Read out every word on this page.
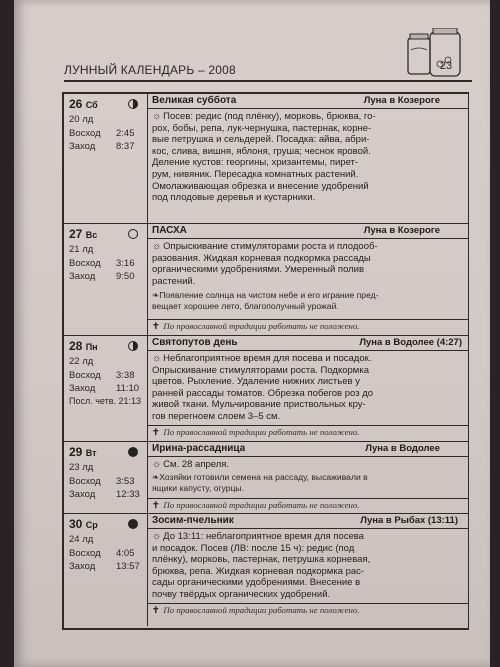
ЛУННЫЙ КАЛЕНДАРЬ – 2008	23
26 Сб
20 лд
Восход 2:45
Заход 8:37
Великая суббота	Луна в Козероге
☼ Посев: редис (под плёнку), морковь, брюква, го-
рох, бобы, репа, лук-чернушка, пастернак, корне-
вые петрушка и сельдерей. Посадка: айва, абри-
кос, слива, вишня, яблоня, груша; чеснок яровой.
Деление кустов: георгины, хризантемы, пирет-
рум, нивяник. Пересадка комнатных растений.
Омолаживающая обрезка и внесение удобрений
под плодовые деревья и кустарники.
27 Вс
21 лд
Восход 3:16
Заход 9:50
ПАСХА	Луна в Козероге
☼ Опрыскивание стимуляторами роста и плодооб-
разования. Жидкая корневая подкормка рассады
органическими удобрениями. Умеренный полив
растений.
❧Появление солнца на чистом небе и его играние пред-
вещает хорошее лето, благополучный урожай.
✝ По православной традиции работать не положено.
28 Пн
22 лд
Восход 3:38
Заход 11:10
Посл. четв. 21:13
Святопутов день	Луна в Водолее (4:27)
☼ Неблагоприятное время для посева и посадок.
Опрыскивание стимуляторами роста. Подкормка
цветов. Рыхление. Удаление нижних листьев у
ранней рассады томатов. Обрезка побегов роз до
живой ткани. Мульчирование приствольных кру-
гов перегноем слоем 3–5 см.
✝ По православной традиции работать не положено.
29 Вт
23 лд
Восход 3:53
Заход 12:33
Ирина-рассадница	Луна в Водолее
☼ См. 28 апреля.
❧Хозяйки готовили семена на рассаду, высаживали в
ящики капусту, огурцы.
✝ По православной традиции работать не положено.
30 Ср
24 лд
Восход 4:05
Заход 13:57
Зосим-пчельник	Луна в Рыбах (13:11)
☼ До 13:11: неблагоприятное время для посева
и посадок. Посев (ЛВ: после 15 ч): редис (под
плёнку), морковь, пастернак, петрушка корневая,
брюква, репа. Жидкая корневая подкормка рас-
сады органическими удобрениями. Внесение в
почву твёрдых органических удобрений.
✝ По православной традиции работать не положено.
